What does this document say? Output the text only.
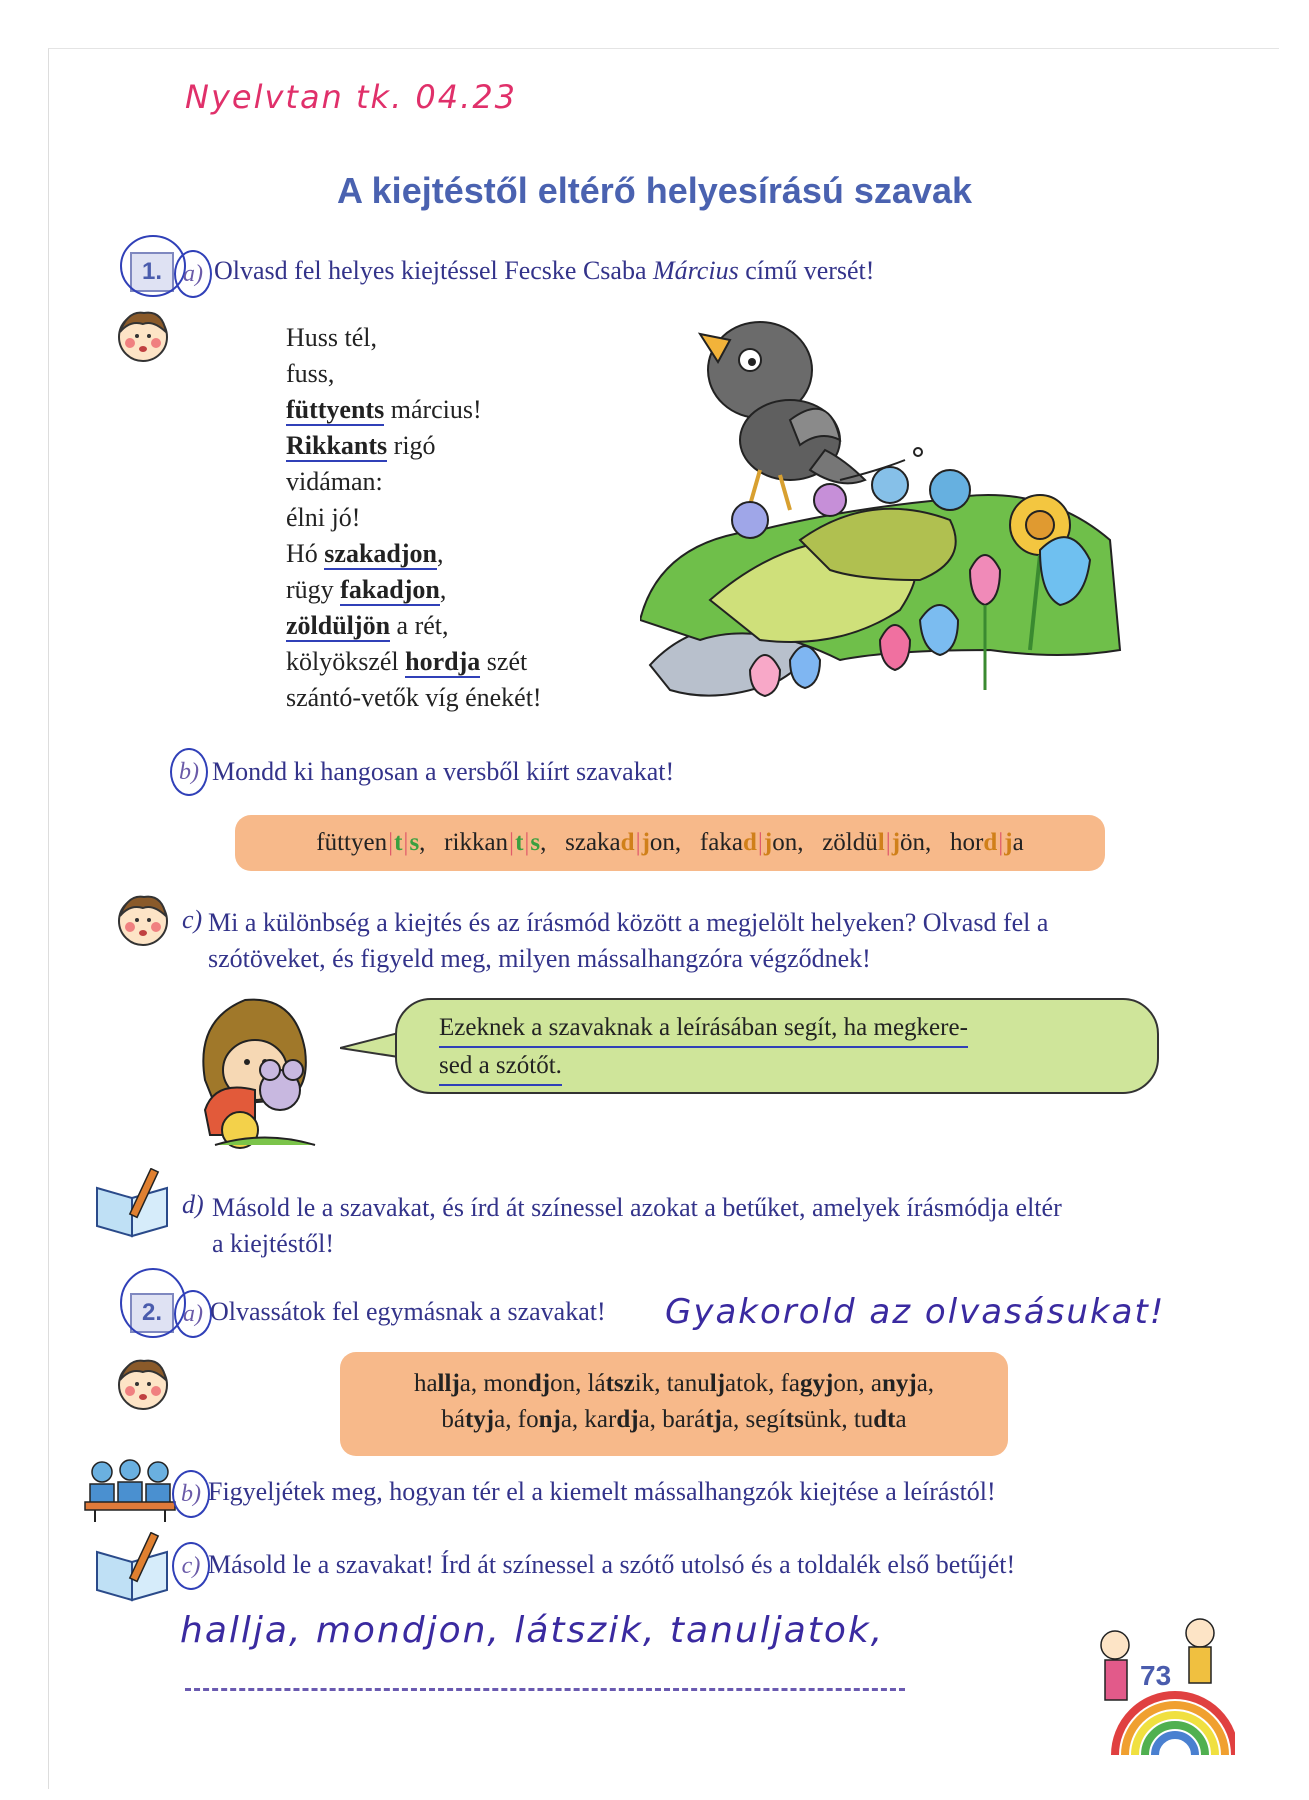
Nyelvtan tk. 04.23
A kiejtéstől eltérő helyesírású szavak
1. a) Olvasd fel helyes kiejtéssel Fecske Csaba Március című versét!
Huss tél,
fuss,
füttyents március!
Rikkants rigó
vidáman:
élni jó!
Hó szakadjon,
rügy fakadjon,
zöldüljön a rét,
kölyökszél hordja szét
szántó-vetők víg énekét!
b) Mondd ki hangosan a versből kiírt szavakat!
füttyen|t|s, rikkan|t|s, szakad|jon, fakad|jon, zöldül|jön, hord|ja
c) Mi a különbség a kiejtés és az írásmód között a megjelölt helyeken? Olvasd fel a
szótöveket, és figyeld meg, milyen mássalhangzóra végződnek!
Ezeknek a szavaknak a leírásában segít, ha megkere-
sed a szótőt.
d) Másold le a szavakat, és írd át színessel azokat a betűket, amelyek írásmódja eltér
a kiejtéstől!
2. a) Olvassátok fel egymásnak a szavakat! Gyakorold az olvasásukat!
hallja, mondjon, látszik, tanuljatok, fagyjon, anyja,
bátyja, fonja, kardja, barátja, segítsünk, tudta
b) Figyeljétek meg, hogyan tér el a kiemelt mássalhangzók kiejtése a leírástól!
c) Másold le a szavakat! Írd át színessel a szótő utolsó és a toldalék első betűjét!
hallja, mondjon, látszik, tanuljatok,
73
